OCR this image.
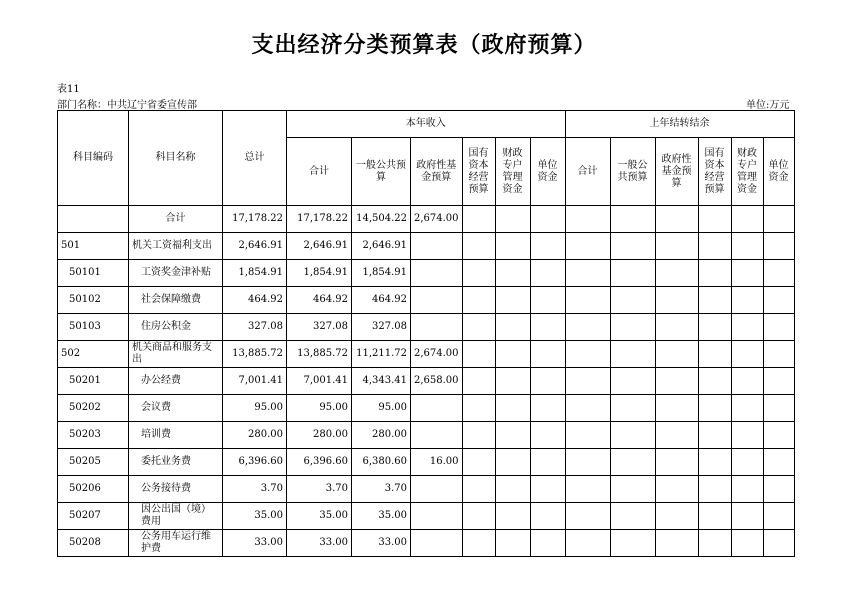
支出经济分类预算表（政府预算）
表11
部门名称：中共辽宁省委宣传部	单位:万元
科目编码	科目名称	总计	本年收入						上年结转结余					
			合计	一般公共预算	政府性基金预算	国有资本经营预算	财政专户管理资金	单位资金	合计	一般公共预算	政府性基金预算	国有资本经营预算	财政专户管理资金	单位资金
	合计	17,178.22	17,178.22	14,504.22	2,674.00									
501	机关工资福利支出	2,646.91	2,646.91	2,646.91										
50101	工资奖金津补贴	1,854.91	1,854.91	1,854.91										
50102	社会保障缴费	464.92	464.92	464.92										
50103	住房公积金	327.08	327.08	327.08										
502	机关商品和服务支出	13,885.72	13,885.72	11,211.72	2,674.00									
50201	办公经费	7,001.41	7,001.41	4,343.41	2,658.00									
50202	会议费	95.00	95.00	95.00										
50203	培训费	280.00	280.00	280.00										
50205	委托业务费	6,396.60	6,396.60	6,380.60	16.00									
50206	公务接待费	3.70	3.70	3.70										
50207	因公出国（境）费用	35.00	35.00	35.00										
50208	公务用车运行维护费	33.00	33.00	33.00										
